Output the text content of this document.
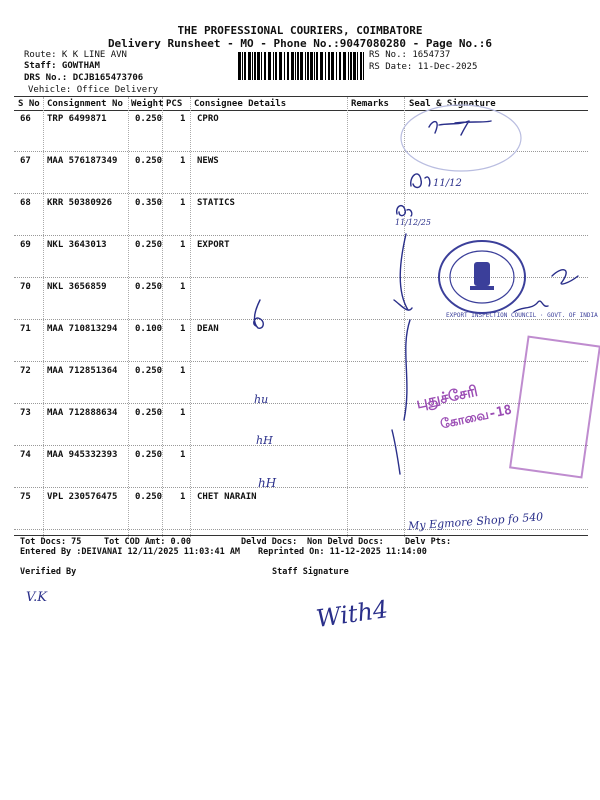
THE PROFESSIONAL COURIERS, COIMBATORE
Delivery Runsheet - MO - Phone No.:9047080280 - Page No.:6
Route: K K LINE AVN
Staff: GOWTHAM
DRS No.: DCJB165473706
Vehicle: Office Delivery
RS No.: 1654737
RS Date: 11-Dec-2025
S No Consignment No Weight PCS Consignee Details	Remarks Seal & Signature
66 TRP 6499871	0.250 1 CPRO
67 MAA 576187349 0.250 1 NEWS
68 KRR 50380926	0.350 1 STATICS
69 NKL 3643013	0.250 1 EXPORT
70 NKL 3656859	0.250 1
71 MAA 710813294 0.100 1 DEAN
72 MAA 712851364 0.250 1
73 MAA 712888634 0.250 1
74 MAA 945332393 0.250 1
75 VPL 230576475 0.250 1 CHET NARAIN
Tot Docs: 75	Tot COD Amt: 0.00	Delvd Docs: Non Delvd Docs: Delv Pts:
Entered By :DEIVANAI 12/11/2025 11:03:41 AM Reprinted On: 11-12-2025 11:14:00
Verified By	Staff Signature
11/12
11/12/25
EXPORT INSPECTION COUNCIL · GOVT. OF INDIA
hu
hH
hH
புதுச்சேரி
கோவை-18
My Egmore Shop fo 540
V.K	With4
